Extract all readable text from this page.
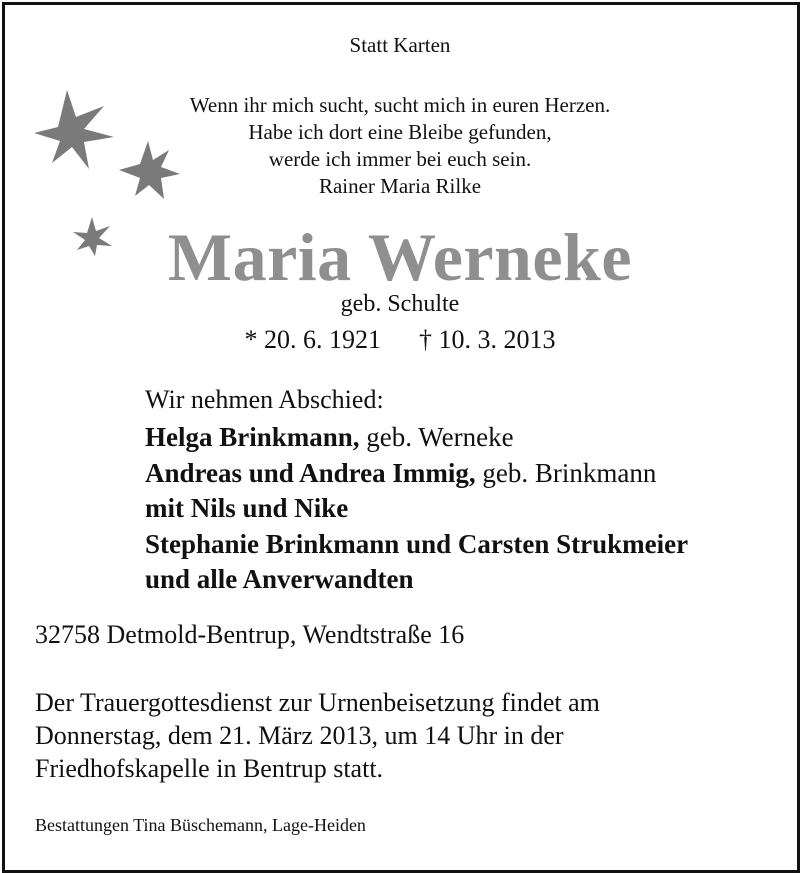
Statt Karten
Wenn ihr mich sucht, sucht mich in euren Herzen.
Habe ich dort eine Bleibe gefunden,
werde ich immer bei euch sein.
Rainer Maria Rilke
Maria Werneke
geb. Schulte
* 20. 6. 1921 † 10. 3. 2013
Wir nehmen Abschied:
Helga Brinkmann, geb. Werneke
Andreas und Andrea Immig, geb. Brinkmann
mit Nils und Nike
Stephanie Brinkmann und Carsten Strukmeier
und alle Anverwandten
32758 Detmold-Bentrup, Wendtstraße 16
Der Trauergottesdienst zur Urnenbeisetzung findet am
Donnerstag, dem 21. März 2013, um 14 Uhr in der
Friedhofskapelle in Bentrup statt.
Bestattungen Tina Büschemann, Lage-Heiden
